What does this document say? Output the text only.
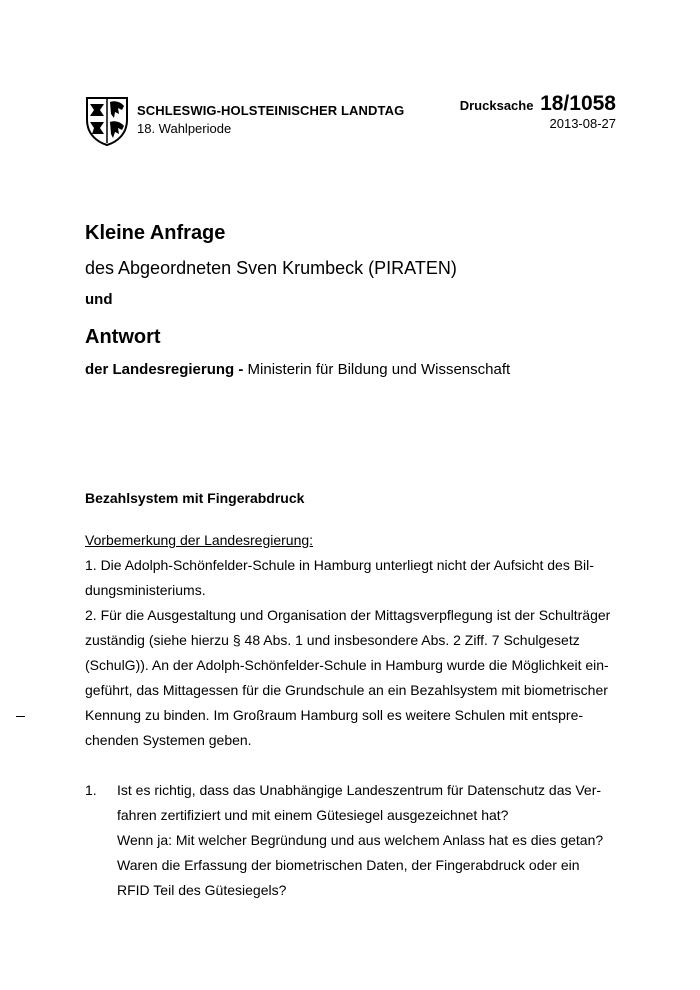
SCHLESWIG-HOLSTEINISCHER LANDTAG
18. Wahlperiode
Drucksache 18/1058
2013-08-27

Kleine Anfrage

des Abgeordneten Sven Krumbeck (PIRATEN)

und

Antwort

der Landesregierung - Ministerin für Bildung und Wissenschaft

Bezahlsystem mit Fingerabdruck

Vorbemerkung der Landesregierung:

1. Die Adolph-Schönfelder-Schule in Hamburg unterliegt nicht der Aufsicht des Bil-

dungsministeriums.

2. Für die Ausgestaltung und Organisation der Mittagsverpflegung ist der Schulträger

zuständig (siehe hierzu § 48 Abs. 1 und insbesondere Abs. 2 Ziff. 7 Schulgesetz

(SchulG)). An der Adolph-Schönfelder-Schule in Hamburg wurde die Möglichkeit ein-

geführt, das Mittagessen für die Grundschule an ein Bezahlsystem mit biometrischer

Kennung zu binden. Im Großraum Hamburg soll es weitere Schulen mit entspre-

chenden Systemen geben.

1. Ist es richtig, dass das Unabhängige Landeszentrum für Datenschutz das Ver-

fahren zertifiziert und mit einem Gütesiegel ausgezeichnet hat?

Wenn ja: Mit welcher Begründung und aus welchem Anlass hat es dies getan?

Waren die Erfassung der biometrischen Daten, der Fingerabdruck oder ein

RFID Teil des Gütesiegels?
